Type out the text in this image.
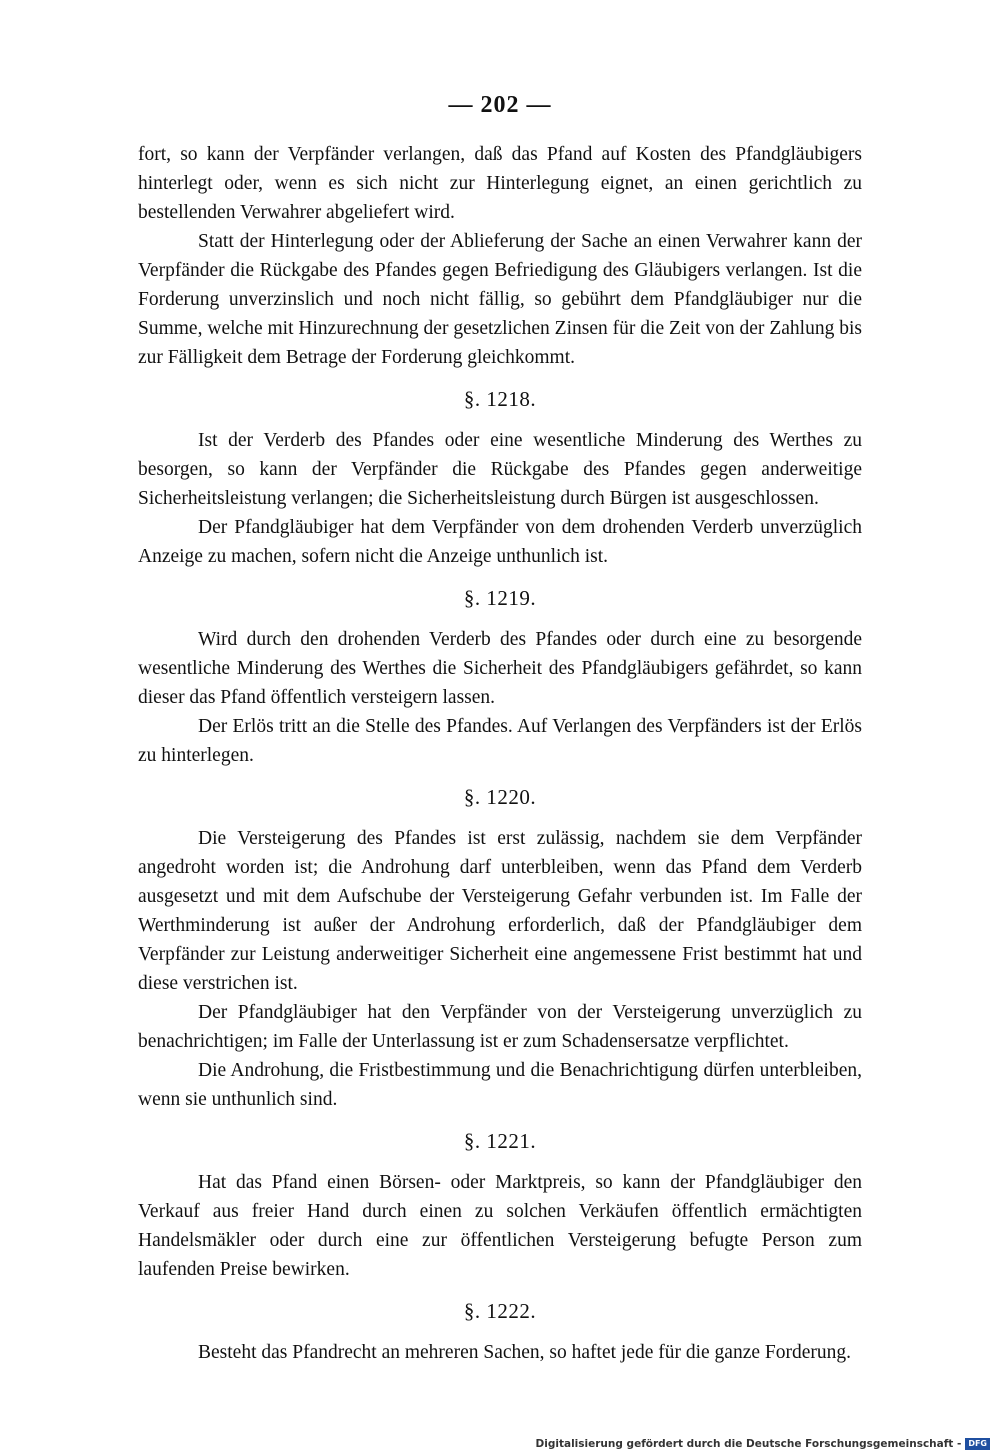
— 202 —

fort, so kann der Verpfänder verlangen, daß das Pfand auf Kosten des Pfandgläubigers hinterlegt oder, wenn es sich nicht zur Hinterlegung eignet, an einen gerichtlich zu bestellenden Verwahrer abgeliefert wird.

Statt der Hinterlegung oder der Ablieferung der Sache an einen Verwahrer kann der Verpfänder die Rückgabe des Pfandes gegen Befriedigung des Gläubigers verlangen. Ist die Forderung unverzinslich und noch nicht fällig, so gebührt dem Pfandgläubiger nur die Summe, welche mit Hinzurechnung der gesetzlichen Zinsen für die Zeit von der Zahlung bis zur Fälligkeit dem Betrage der Forderung gleichkommt.

§. 1218.

Ist der Verderb des Pfandes oder eine wesentliche Minderung des Werthes zu besorgen, so kann der Verpfänder die Rückgabe des Pfandes gegen anderweitige Sicherheitsleistung verlangen; die Sicherheitsleistung durch Bürgen ist ausgeschlossen.

Der Pfandgläubiger hat dem Verpfänder von dem drohenden Verderb unverzüglich Anzeige zu machen, sofern nicht die Anzeige unthunlich ist.

§. 1219.

Wird durch den drohenden Verderb des Pfandes oder durch eine zu besorgende wesentliche Minderung des Werthes die Sicherheit des Pfandgläubigers gefährdet, so kann dieser das Pfand öffentlich versteigern lassen.

Der Erlös tritt an die Stelle des Pfandes. Auf Verlangen des Verpfänders ist der Erlös zu hinterlegen.

§. 1220.

Die Versteigerung des Pfandes ist erst zulässig, nachdem sie dem Verpfänder angedroht worden ist; die Androhung darf unterbleiben, wenn das Pfand dem Verderb ausgesetzt und mit dem Aufschube der Versteigerung Gefahr verbunden ist. Im Falle der Werthminderung ist außer der Androhung erforderlich, daß der Pfandgläubiger dem Verpfänder zur Leistung anderweitiger Sicherheit eine angemessene Frist bestimmt hat und diese verstrichen ist.

Der Pfandgläubiger hat den Verpfänder von der Versteigerung unverzüglich zu benachrichtigen; im Falle der Unterlassung ist er zum Schadensersatze verpflichtet.

Die Androhung, die Fristbestimmung und die Benachrichtigung dürfen unterbleiben, wenn sie unthunlich sind.

§. 1221.

Hat das Pfand einen Börsen- oder Marktpreis, so kann der Pfandgläubiger den Verkauf aus freier Hand durch einen zu solchen Verkäufen öffentlich ermächtigten Handelsmäkler oder durch eine zur öffentlichen Versteigerung befugte Person zum laufenden Preise bewirken.

§. 1222.

Besteht das Pfandrecht an mehreren Sachen, so haftet jede für die ganze Forderung.

Digitalisierung gefördert durch die Deutsche Forschungsgemeinschaft - DFG
